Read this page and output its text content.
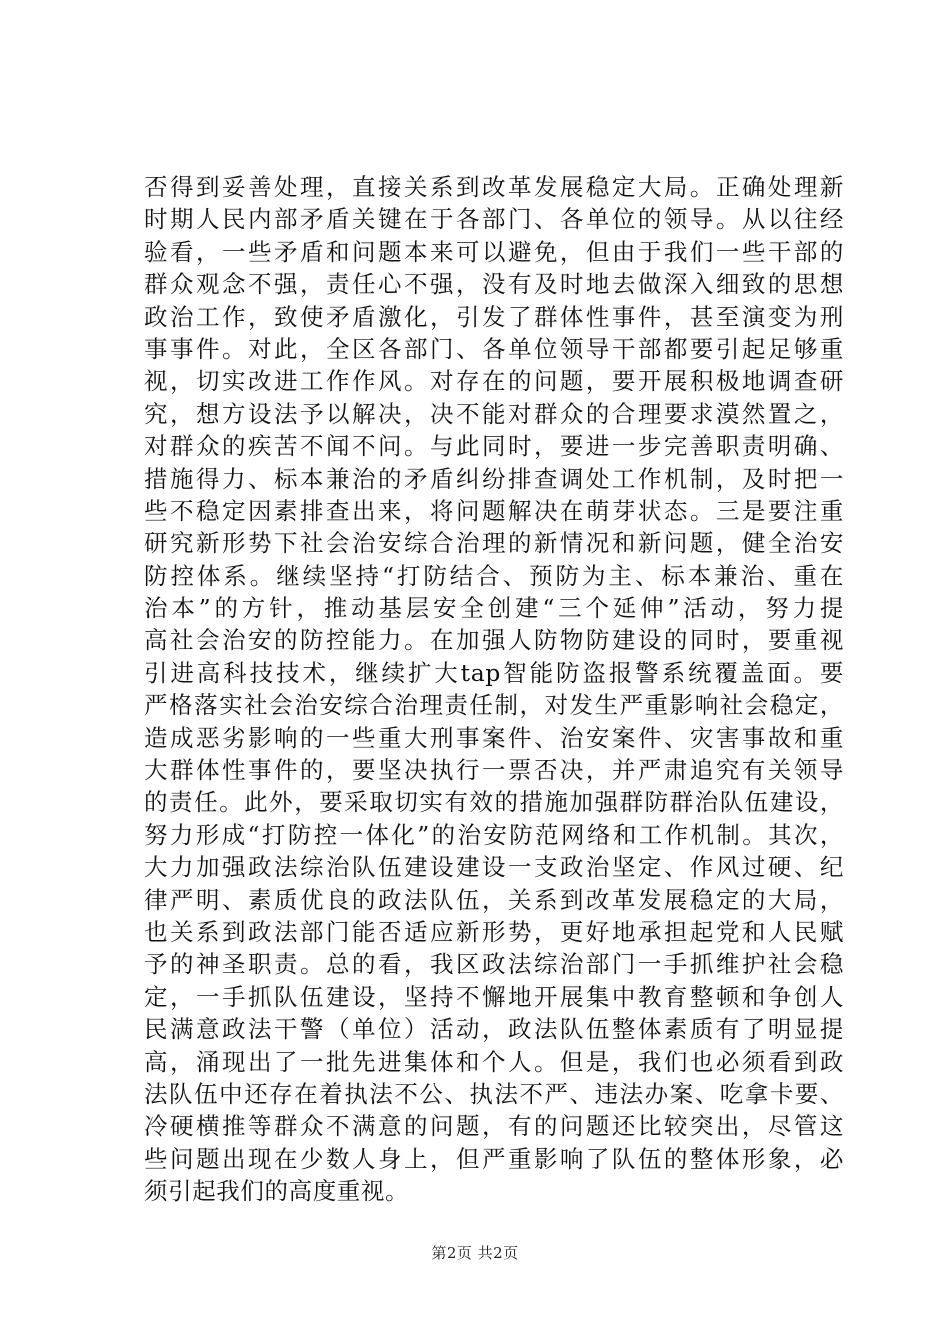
否得到妥善处理，直接关系到改革发展稳定大局。正确处理新
时期人民内部矛盾关键在于各部门、各单位的领导。从以往经
验看，一些矛盾和问题本来可以避免，但由于我们一些干部的
群众观念不强，责任心不强，没有及时地去做深入细致的思想
政治工作，致使矛盾激化，引发了群体性事件，甚至演变为刑
事事件。对此，全区各部门、各单位领导干部都要引起足够重
视，切实改进工作作风。对存在的问题，要开展积极地调查研
究，想方设法予以解决，决不能对群众的合理要求漠然置之，
对群众的疾苦不闻不问。与此同时，要进一步完善职责明确、
措施得力、标本兼治的矛盾纠纷排查调处工作机制，及时把一
些不稳定因素排查出来，将问题解决在萌芽状态。三是要注重
研究新形势下社会治安综合治理的新情况和新问题，健全治安
防控体系。继续坚持“打防结合、预防为主、标本兼治、重在
治本”的方针，推动基层安全创建“三个延伸”活动，努力提
高社会治安的防控能力。在加强人防物防建设的同时，要重视
引进高科技技术，继续扩大tap智能防盗报警系统覆盖面。要
严格落实社会治安综合治理责任制，对发生严重影响社会稳定，
造成恶劣影响的一些重大刑事案件、治安案件、灾害事故和重
大群体性事件的，要坚决执行一票否决，并严肃追究有关领导
的责任。此外，要采取切实有效的措施加强群防群治队伍建设，
努力形成“打防控一体化”的治安防范网络和工作机制。其次，
大力加强政法综治队伍建设建设一支政治坚定、作风过硬、纪
律严明、素质优良的政法队伍，关系到改革发展稳定的大局，
也关系到政法部门能否适应新形势，更好地承担起党和人民赋
予的神圣职责。总的看，我区政法综治部门一手抓维护社会稳
定，一手抓队伍建设，坚持不懈地开展集中教育整顿和争创人
民满意政法干警（单位）活动，政法队伍整体素质有了明显提
高，涌现出了一批先进集体和个人。但是，我们也必须看到政
法队伍中还存在着执法不公、执法不严、违法办案、吃拿卡要、
冷硬横推等群众不满意的问题，有的问题还比较突出，尽管这
些问题出现在少数人身上，但严重影响了队伍的整体形象，必
须引起我们的高度重视。
第2页 共2页
